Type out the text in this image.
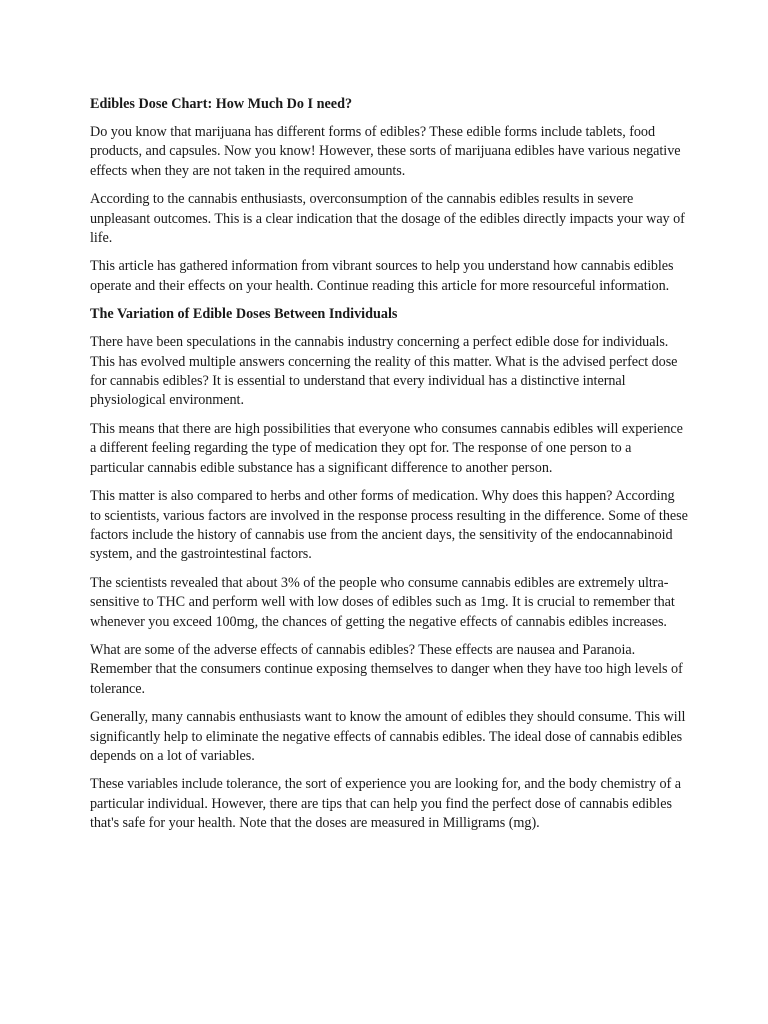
Edibles Dose Chart: How Much Do I need?

Do you know that marijuana has different forms of edibles? These edible forms include tablets, food products, and capsules. Now you know! However, these sorts of marijuana edibles have various negative effects when they are not taken in the required amounts.

According to the cannabis enthusiasts, overconsumption of the cannabis edibles results in severe unpleasant outcomes. This is a clear indication that the dosage of the edibles directly impacts your way of life.

This article has gathered information from vibrant sources to help you understand how cannabis edibles operate and their effects on your health. Continue reading this article for more resourceful information.

The Variation of Edible Doses Between Individuals

There have been speculations in the cannabis industry concerning a perfect edible dose for individuals. This has evolved multiple answers concerning the reality of this matter. What is the advised perfect dose for cannabis edibles? It is essential to understand that every individual has a distinctive internal physiological environment.

This means that there are high possibilities that everyone who consumes cannabis edibles will experience a different feeling regarding the type of medication they opt for. The response of one person to a particular cannabis edible substance has a significant difference to another person.

This matter is also compared to herbs and other forms of medication. Why does this happen? According to scientists, various factors are involved in the response process resulting in the difference. Some of these factors include the history of cannabis use from the ancient days, the sensitivity of the endocannabinoid system, and the gastrointestinal factors.

The scientists revealed that about 3% of the people who consume cannabis edibles are extremely ultra-sensitive to THC and perform well with low doses of edibles such as 1mg. It is crucial to remember that whenever you exceed 100mg, the chances of getting the negative effects of cannabis edibles increases.

What are some of the adverse effects of cannabis edibles? These effects are nausea and Paranoia. Remember that the consumers continue exposing themselves to danger when they have too high levels of tolerance.

Generally, many cannabis enthusiasts want to know the amount of edibles they should consume. This will significantly help to eliminate the negative effects of cannabis edibles. The ideal dose of cannabis edibles depends on a lot of variables.

These variables include tolerance, the sort of experience you are looking for, and the body chemistry of a particular individual. However, there are tips that can help you find the perfect dose of cannabis edibles that's safe for your health. Note that the doses are measured in Milligrams (mg).
